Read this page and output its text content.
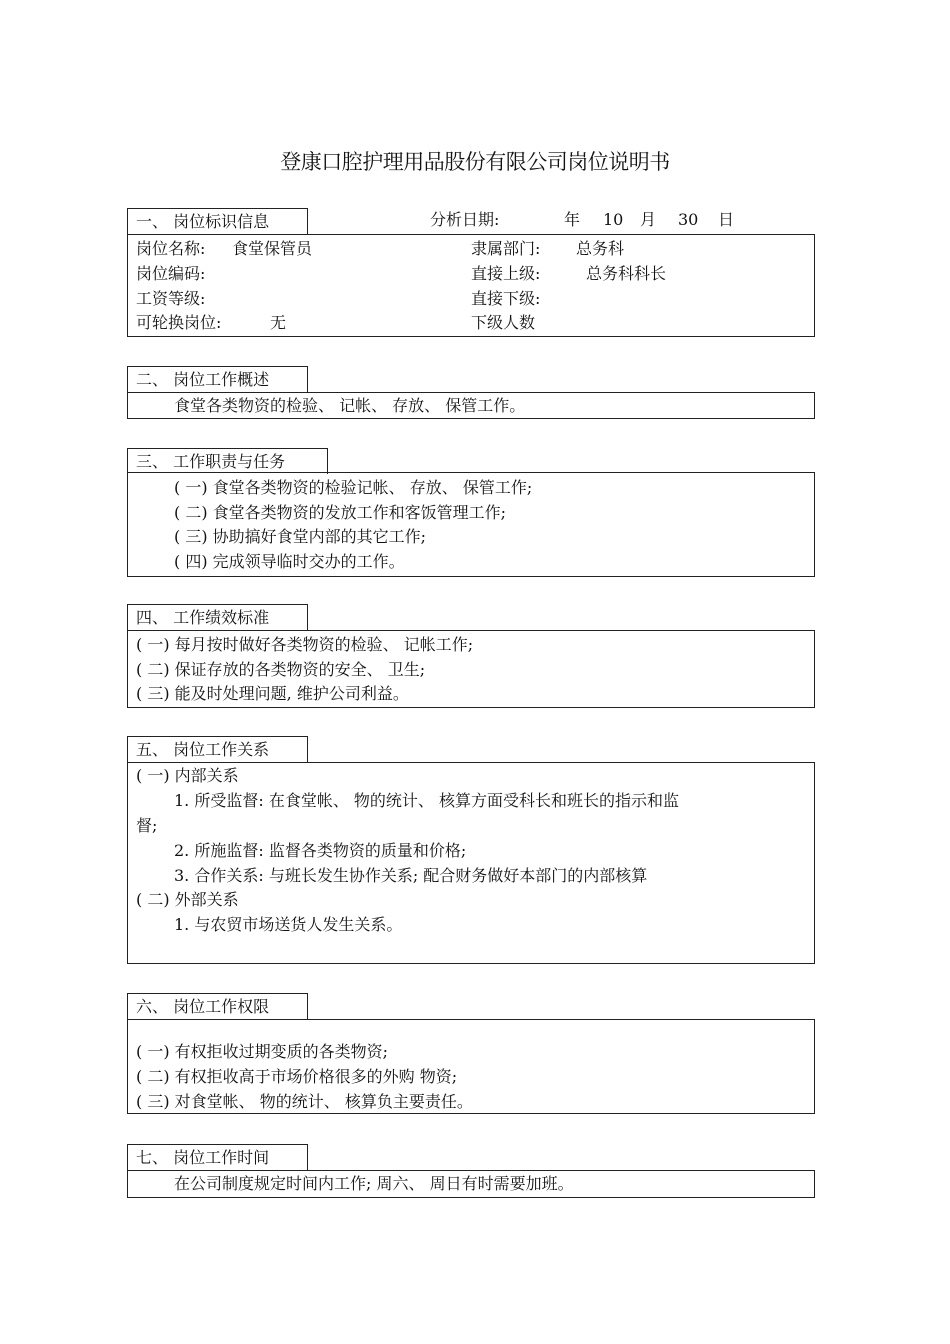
登康口腔护理用品股份有限公司岗位说明书
一、 岗位标识信息	分析日期:	年 10 月 30 日
岗位名称: 食堂保管员	隶属部门: 总务科
岗位编码:	直接上级:	总务科科长
工资等级:	直接下级:
可轮换岗位:	无	下级人数
二、 岗位工作概述
食堂各类物资的检验、 记帐、 存放、 保管工作。
三、 工作职责与任务
( 一) 食堂各类物资的检验记帐、 存放、 保管工作;
( 二) 食堂各类物资的发放工作和客饭管理工作;
( 三) 协助搞好食堂内部的其它工作;
( 四) 完成领导临时交办的工作。
四、 工作绩效标准
( 一) 每月按时做好各类物资的检验、 记帐工作;
( 二) 保证存放的各类物资的安全、 卫生;
( 三) 能及时处理问题, 维护公司利益。
五、 岗位工作关系
( 一) 内部关系
1. 所受监督: 在食堂帐、 物的统计、 核算方面受科长和班长的指示和监
督;
2. 所施监督: 监督各类物资的质量和价格;
3. 合作关系: 与班长发生协作关系; 配合财务做好本部门的内部核算
( 二) 外部关系
1. 与农贸市场送货人发生关系。
六、 岗位工作权限
( 一) 有权拒收过期变质的各类物资;
( 二) 有权拒收高于市场价格很多的外购 物资;
( 三) 对食堂帐、 物的统计、 核算负主要责任。
七、 岗位工作时间
在公司制度规定时间内工作; 周六、 周日有时需要加班。
